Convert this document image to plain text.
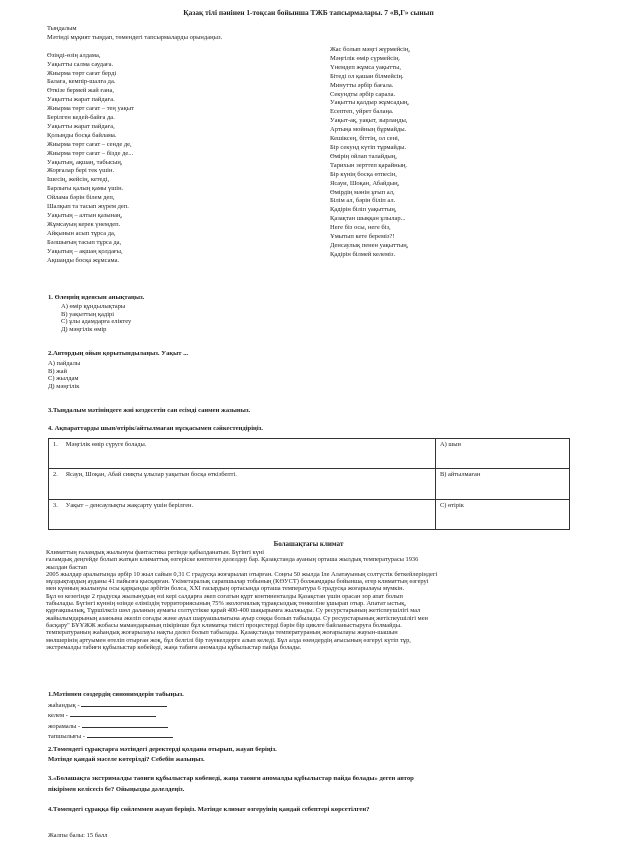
Қазақ тілі пәнінен 1-тоқсан бойынша ТЖБ тапсырмалары. 7 «В,Г» сынып
Тыңдалым
Мәтінді мұқият тыңдап, төмендегі тапсырмаларды орындаңыз.
Өзіңді-өзің алдама,
Уақытты салма саудаға.
Жиырма төрт сағат берді
Балаға, кемпір-шалға да.
Өткізе бермей жай ғана,
Уақытты жарат пайдаға.
Жиырма төрт сағат – тең уақыт
Берілген кедей-байға да.
Уақытты жарат пайдаға,
Қолыңды босқа байлама.
Жиырма төрт сағат – сенде де,
Жиырма төрт сағат – бізде де...
Уақытың, ақшаң, табысың,
Жорғалар бері тек үшін.
Ішесің, жейсің, кетеді,
Барлығы қалың қамы үшін.
Ойлама бәрін білем деп,
Шалқып та тасып жүрем деп.
Уақытың – алтын қазынаң,
Жұмсауың керек үнемдеп.
Айқынын асып тұрса да,
Бәлшығың тасып тұрса да,
Уақытың – ақшаң қолдағы,
Ақшаңды босқа жұмсама.
Жас болып мәңгі жүрмейсің,
Мәңгілік өмір сүрмейсің.
Үнемдеп жұмса уақытты,
Бітеді ол қашан білмейсің.
Минутты әрбір бағала.
Секундты әрбір сарала.
Уақытты қалдыр жұмсадың,
Есептеп, уйрет балаңа.
Уақыт-ақ, уақыт, зырлаңды,
Артыңа мойның бұрмайды.
Кешіксең, біттің, ол сені,
Бір секунд күтіп тұрмайды.
Өмірің ойлап талайдың,
Тарихын зерттеп қарайның.
Бір күнің босқа өтпесін,
Ясауи, Шоқан, Абайдың,
Өмірдің мәнін ұғып ал,
Білім ал, бәрін біліп ал.
Қадірін біліп уақыттың,
Қазақтан шыққан ұлылар...
Неге біз осы, неге біз,
Ұмытып кете береміз?!
Денсаулық пенен уақыттың,
Қадірін білмей келеміз.
1. Өлеңнің идеясын анықтаңыз.
А) өмір құндылықтары
В) уақыттың қадірі
С) ұлы адамдарға еліктеу
Д) мәңгілік өмір
2.Автордың ойын қорытындылаңыз. Уақыт ...
А) пайдалы
В) жай
С) жылдам
Д) мәңгілік
3.Тыңдалым мәтініндеге жиі кездесетін сан есімді санмен жазыныз.
4. Ақпараттарды шын/өтірік/айтылмаған нұсқасымен сәйкестендіріңіз.
1. Мәңгілік өмір сүруге болады.	А) шын
2. Ясауи, Шоқан, Абай сияқты ұлылар уақытын босқа өткізбепті.	В) айтылмаған
3. Уақыт – денсаулықты жақсарту үшін берілген.	С) өтірік
Болашақтағы климат
Климаттың ғаламдық жылынуы фантастика ретінде қабылданатын. Бүгінгі күні
ғаламдық деңгейде болып жатқан климаттық өзгеріске көптеген дәлелдер бар. Қазақстанда ауаның орташа жылдық температурасы 1936
жылдан бастап
2005 жылдар аралығында әрбір 10 жыл сайын 0,31 С градусқа жоғарылап отырған. Соңғы 50 жылда Іле Алатауының солтүстік беткейлеріндегі
мұздықтардың ауданы 41 пайызға қысқарған. Үкіметаралық сарапшылар тобының (КӨУСТ) болжамдары бойынша, егер климаттың өзгеруі
мен күнның жылынуы осы қарқынды әрбітін болса, XXI ғасырдың ортасында орташа температура 6 градусқа жоғарылауы мүмкін.
Бұл өз кезегінде 2 градусқа жылынудың өзі керi салдарға әкеп соғатын құрт континенталды Қазақстан үшін орасан зор апат болып
табылады. Бүгінгі күннің өзінде еліміздің территориясының 75% экологиялық тұрақсыздық төнкеліне ұшырап отыр. Апатат ыстық,
құрғақшылық, Тұршілксіз шөл даланың аумағы солтүстікке қарай 400-400 шақырымға жылжыды. Су ресурстарының жетіспеушілігі мал
жайылымдарының азаюына әкеліп соғады және ауыл шаруашылығына ауыр соққы болып табылады. Су ресурстарының жетіспеушілігі мен
басқару" БҰҰЖЖ жобасы мамандарының пікірінше бұл климатқа тиісті процестерді бәрін бір циклге байланыстыруға болмайды.
температураның жаһандық жоғарылауы нақты дәлел болып табылады. Қазақстанда температураның жоғарылауы жауын-шашын
мөлшерінің артуымен өтеліп отырған жоқ, бұл белгілі бір тәуекелдерге алып келеді. Бұл алда өзендердің ағысының өзгеруі күтіп тұр,
экстремалды табиғи құбылыстар көбейеді, жаңа табиғи аномалды құбылыстар пайда болады.
1.Мәтіннен сөздердің синонимдерін табыңыз.
жаһандық -
келем -
жорамалы -
тапшылығы -
2.Төмендегі сұрақтарға мәтіндегі деректерді қолдана отырып, жауап беріңіз.
Мәтінде қандай мәселе көтерілді? Себебін жазыңыз.
3.«Болашақта экстрималды таоиғи құбылыстар көбеиеді, жаңа таоиғи аномалды құбылыстар пайда болады» деген автор
пікірімен келісесіз бе? Ойыңызды дәлелдеңіз.
4.Төмендегі сұраққа бір сөйлеммен жауап беріңіз. Мәтінде климат өзгеруінің қандай себептері көрсетілген?
Жалпы балы: 15 балл
